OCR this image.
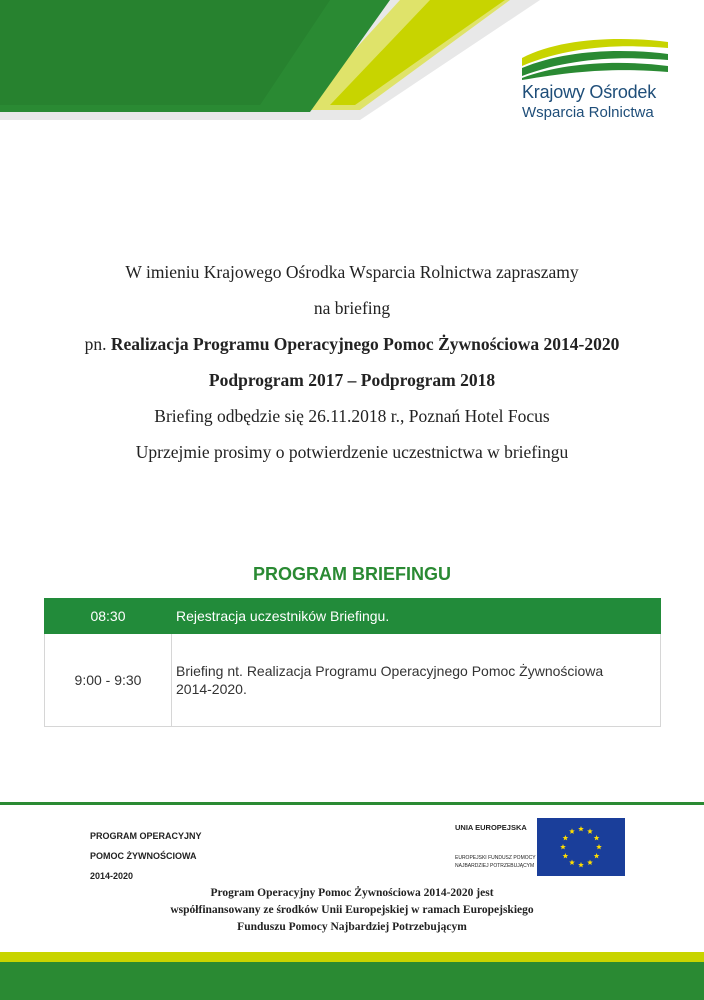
Krajowy Ośrodek
Wsparcia Rolnictwa

W imieniu Krajowego Ośrodka Wsparcia Rolnictwa zapraszamy

na briefing

pn. Realizacja Programu Operacyjnego Pomoc Żywnościowa 2014-2020

Podprogram 2017 – Podprogram 2018

Briefing odbędzie się 26.11.2018 r., Poznań Hotel Focus

Uprzejmie prosimy o potwierdzenie uczestnictwa w briefingu

PROGRAM BRIEFINGU
08:30	Rejestracja uczestników Briefingu.
9:00 - 9:30	Briefing nt. Realizacja Programu Operacyjnego Pomoc Żywnościowa 2014-2020.
PROGRAM OPERACYJNY
POMOC ŻYWNOŚCIOWA
2014-2020
UNIA EUROPEJSKA
EUROPEJSKI FUNDUSZ POMOCY
NAJBARDZIEJ POTRZEBUJĄCYM
Program Operacyjny Pomoc Żywnościowa 2014-2020 jest
współfinansowany ze środków Unii Europejskiej w ramach Europejskiego
Funduszu Pomocy Najbardziej Potrzebującym
